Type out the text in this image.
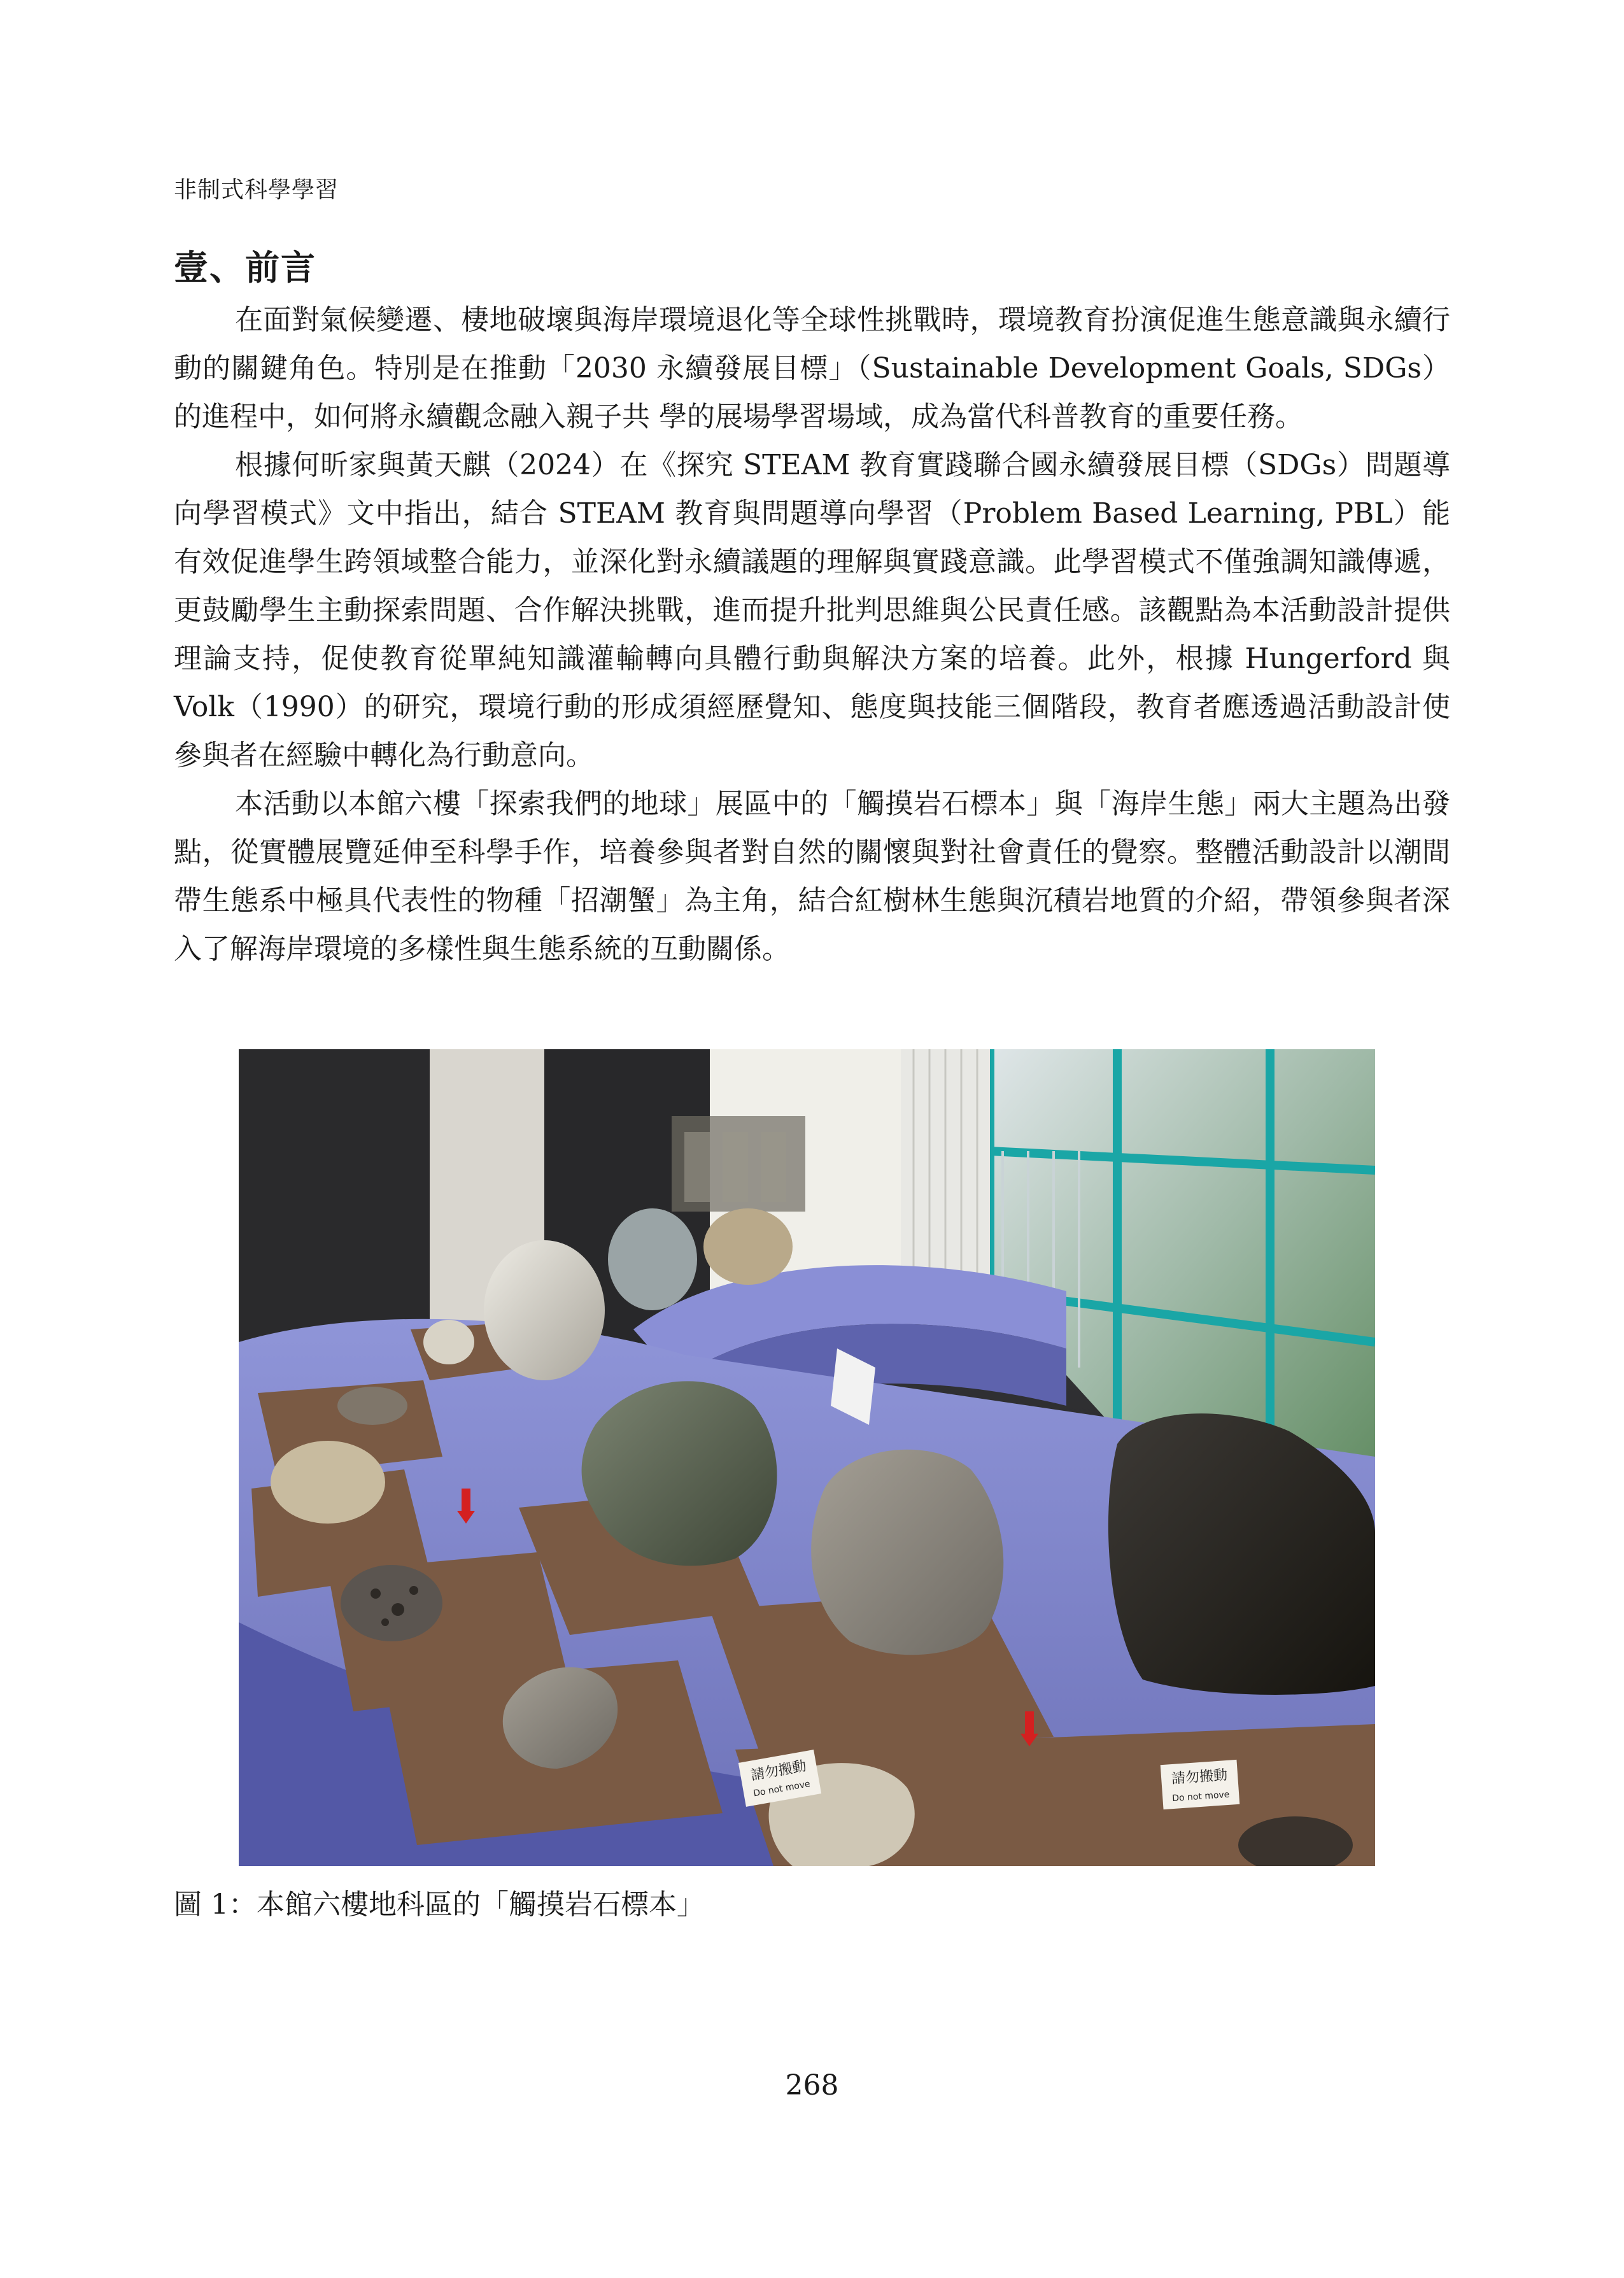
非制式科學學習
壹、前言

在面對氣候變遷、棲地破壞與海岸環境退化等全球性挑戰時，環境教育扮演促進生態意識與永續行動的關鍵角色。特別是在推動「2030 永續發展目標」（Sustainable Development Goals, SDGs）的進程中，如何將永續觀念融入親子共 學的展場學習場域，成為當代科普教育的重要任務。

根據何昕家與黃天麒（2024）在《探究 STEAM 教育實踐聯合國永續發展目標（SDGs）問題導向學習模式》文中指出，結合 STEAM 教育與問題導向學習（Problem Based Learning, PBL）能有效促進學生跨領域整合能力，並深化對永續議題的理解與實踐意識。此學習模式不僅強調知識傳遞，更鼓勵學生主動探索問題、合作解決挑戰，進而提升批判思維與公民責任感。該觀點為本活動設計提供理論支持，促使教育從單純知識灌輸轉向具體行動與解決方案的培養。此外，根據 Hungerford 與 Volk（1990）的研究，環境行動的形成須經歷覺知、態度與技能三個階段，教育者應透過活動設計使參與者在經驗中轉化為行動意向。

本活動以本館六樓「探索我們的地球」展區中的「觸摸岩石標本」與「海岸生態」兩大主題為出發點，從實體展覽延伸至科學手作，培養參與者對自然的關懷與對社會責任的覺察。整體活動設計以潮間帶生態系中極具代表性的物種「招潮蟹」為主角，結合紅樹林生態與沉積岩地質的介紹，帶領參與者深入了解海岸環境的多樣性與生態系統的互動關係。

請勿搬動
Do not move
請勿搬動
Do not move
圖 1：本館六樓地科區的「觸摸岩石標本」
268
